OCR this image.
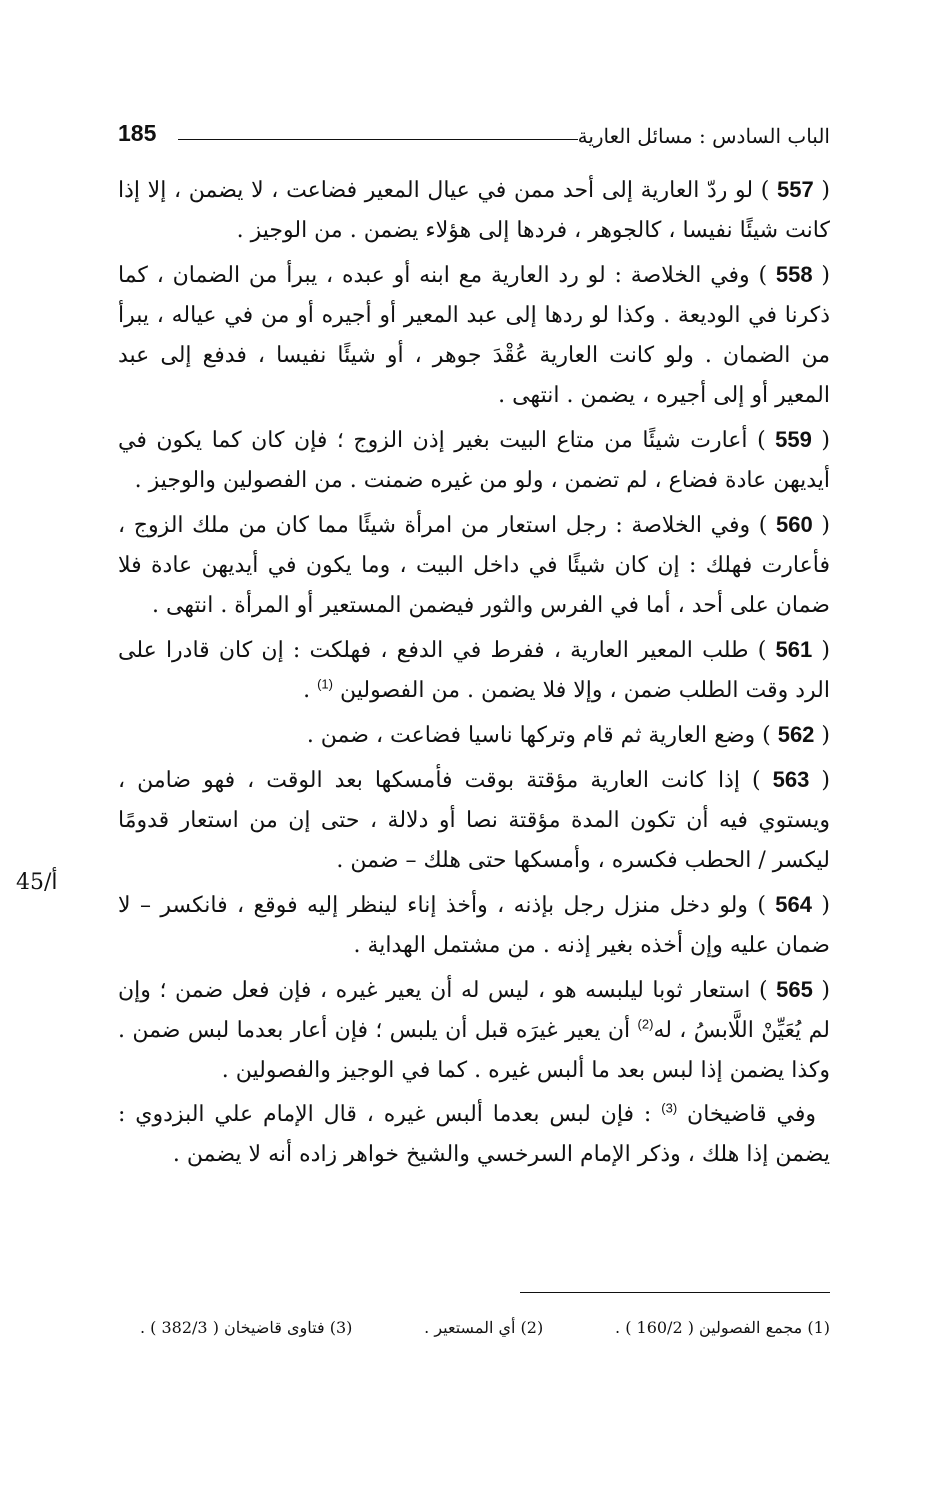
الباب السادس : مسائل العارية
185
45/أ

( 557 ) لو ردّ العارية إلى أحد ممن في عيال المعير فضاعت ، لا يضمن ، إلا إذا كانت شيئًا نفيسا ، كالجوهر ، فردها إلى هؤلاء يضمن . من الوجيز .

( 558 ) وفي الخلاصة : لو رد العارية مع ابنه أو عبده ، يبرأ من الضمان ، كما ذكرنا في الوديعة . وكذا لو ردها إلى عبد المعير أو أجيره أو من في عياله ، يبرأ من الضمان . ولو كانت العارية عُقْدَ جوهر ، أو شيئًا نفيسا ، فدفع إلى عبد المعير أو إلى أجيره ، يضمن . انتهى .

( 559 ) أعارت شيئًا من متاع البيت بغير إذن الزوج ؛ فإن كان كما يكون في أيديهن عادة فضاع ، لم تضمن ، ولو من غيره ضمنت . من الفصولين والوجيز .

( 560 ) وفي الخلاصة : رجل استعار من امرأة شيئًا مما كان من ملك الزوج ، فأعارت فهلك : إن كان شيئًا في داخل البيت ، وما يكون في أيديهن عادة فلا ضمان على أحد ، أما في الفرس والثور فيضمن المستعير أو المرأة . انتهى .

( 561 ) طلب المعير العارية ، ففرط في الدفع ، فهلكت : إن كان قادرا على الرد وقت الطلب ضمن ، وإلا فلا يضمن . من الفصولين $^{(1)}$ .

( 562 ) وضع العارية ثم قام وتركها ناسيا فضاعت ، ضمن .

( 563 ) إذا كانت العارية مؤقتة بوقت فأمسكها بعد الوقت ، فهو ضامن ، ويستوي فيه أن تكون المدة مؤقتة نصا أو دلالة ، حتى إن من استعار قدومًا ليكسر / الحطب فكسره ، وأمسكها حتى هلك – ضمن .

( 564 ) ولو دخل منزل رجل بإذنه ، وأخذ إناء لينظر إليه فوقع ، فانكسر – لا ضمان عليه وإن أخذه بغير إذنه . من مشتمل الهداية .

( 565 ) استعار ثوبا ليلبسه هو ، ليس له أن يعير غيره ، فإن فعل ضمن ؛ وإن لم يُعَيِّنْ اللَّابسُ ، له$^{(2)}$ أن يعير غيرَه قبل أن يلبس ؛ فإن أعار بعدما لبس ضمن . وكذا يضمن إذا لبس بعد ما ألبس غيره . كما في الوجيز والفصولين .

وفي قاضيخان $^{(3)}$ : فإن لبس بعدما ألبس غيره ، قال الإمام علي البزدوي : يضمن إذا هلك ، وذكر الإمام السرخسي والشيخ خواهر زاده أنه لا يضمن .

(1) مجمع الفصولين ( 160/2 ) .
(2) أي المستعير .
(3) فتاوى قاضيخان ( 382/3 ) .
